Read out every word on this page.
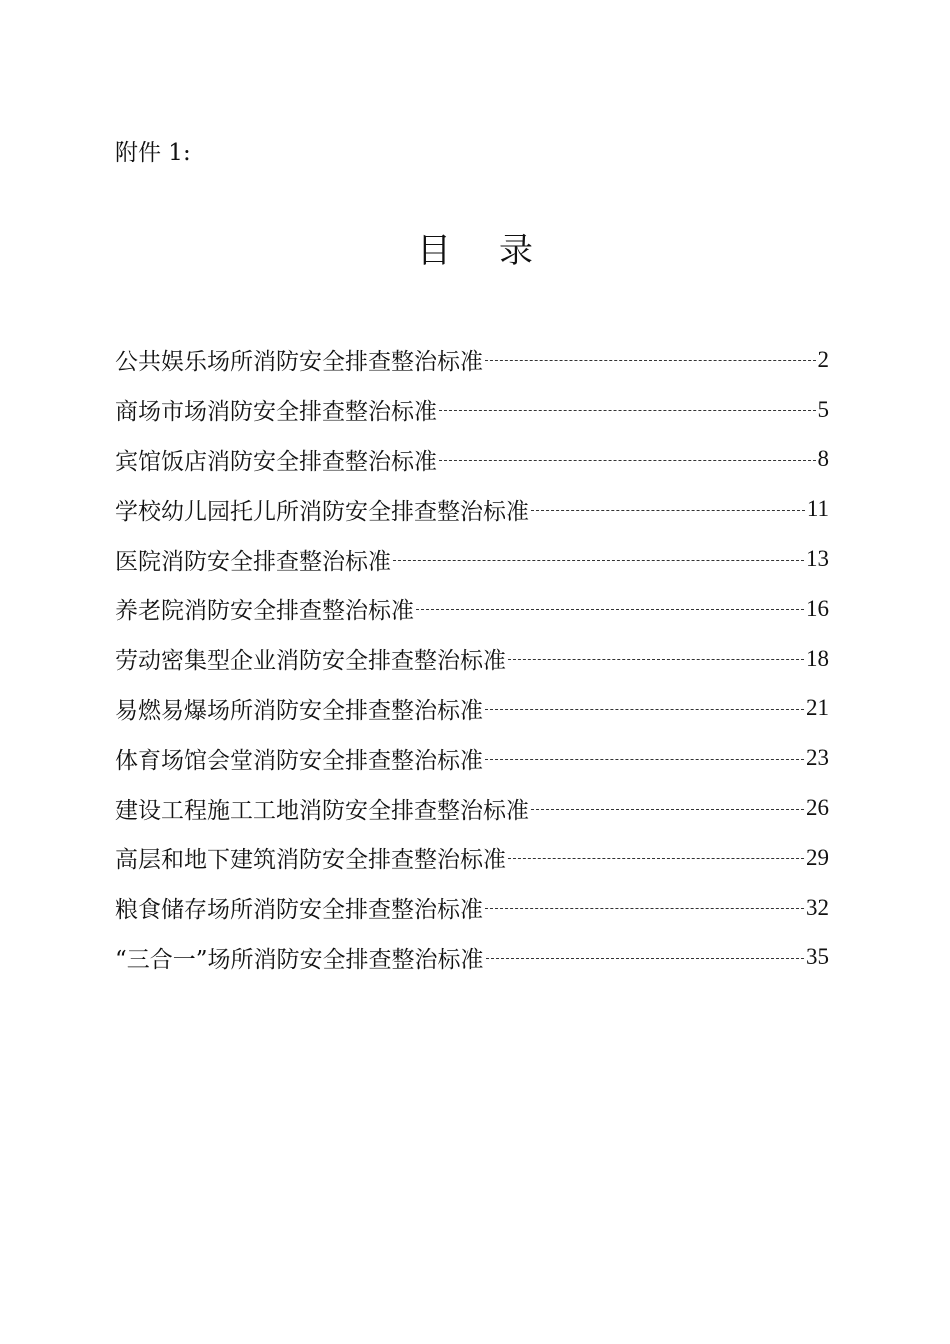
附件 1:

目录
公共娱乐场所消防安全排查整治标准	2
商场市场消防安全排查整治标准	5
宾馆饭店消防安全排查整治标准	8
学校幼儿园托儿所消防安全排查整治标准	11
医院消防安全排查整治标准	13
养老院消防安全排查整治标准	16
劳动密集型企业消防安全排查整治标准	18
易燃易爆场所消防安全排查整治标准	21
体育场馆会堂消防安全排查整治标准	23
建设工程施工工地消防安全排查整治标准	26
高层和地下建筑消防安全排查整治标准	29
粮食储存场所消防安全排查整治标准	32
“三合一”场所消防安全排查整治标准	35
